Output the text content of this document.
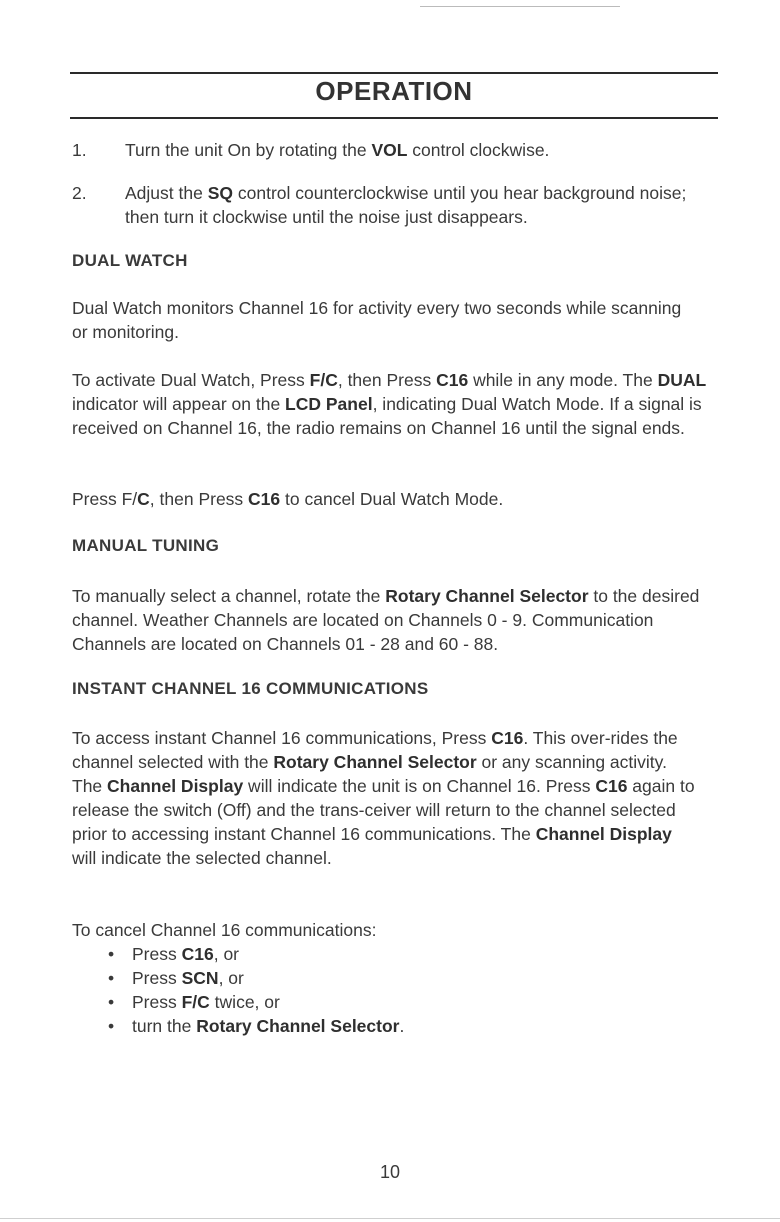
OPERATION
1. Turn the unit On by rotating the VOL control clockwise.
2. Adjust the SQ control counterclockwise until you hear background noise; then turn it clockwise until the noise just disappears.
DUAL WATCH
Dual Watch monitors Channel 16 for activity every two seconds while scanning or monitoring.
To activate Dual Watch, Press F/C, then Press C16 while in any mode. The DUAL indicator will appear on the LCD Panel, indicating Dual Watch Mode. If a signal is received on Channel 16, the radio remains on Channel 16 until the signal ends.
Press F/C, then Press C16 to cancel Dual Watch Mode.
MANUAL TUNING
To manually select a channel, rotate the Rotary Channel Selector to the desired channel. Weather Channels are located on Channels 0 - 9. Communication Channels are located on Channels 01 - 28 and 60 - 88.
INSTANT CHANNEL 16 COMMUNICATIONS
To access instant Channel 16 communications, Press C16. This over-rides the channel selected with the Rotary Channel Selector or any scanning activity. The Channel Display will indicate the unit is on Channel 16. Press C16 again to release the switch (Off) and the trans-ceiver will return to the channel selected prior to accessing instant Channel 16 communications. The Channel Display will indicate the selected channel.
To cancel Channel 16 communications:
• Press C16, or
• Press SCN, or
• Press F/C twice, or
• turn the Rotary Channel Selector.
10
